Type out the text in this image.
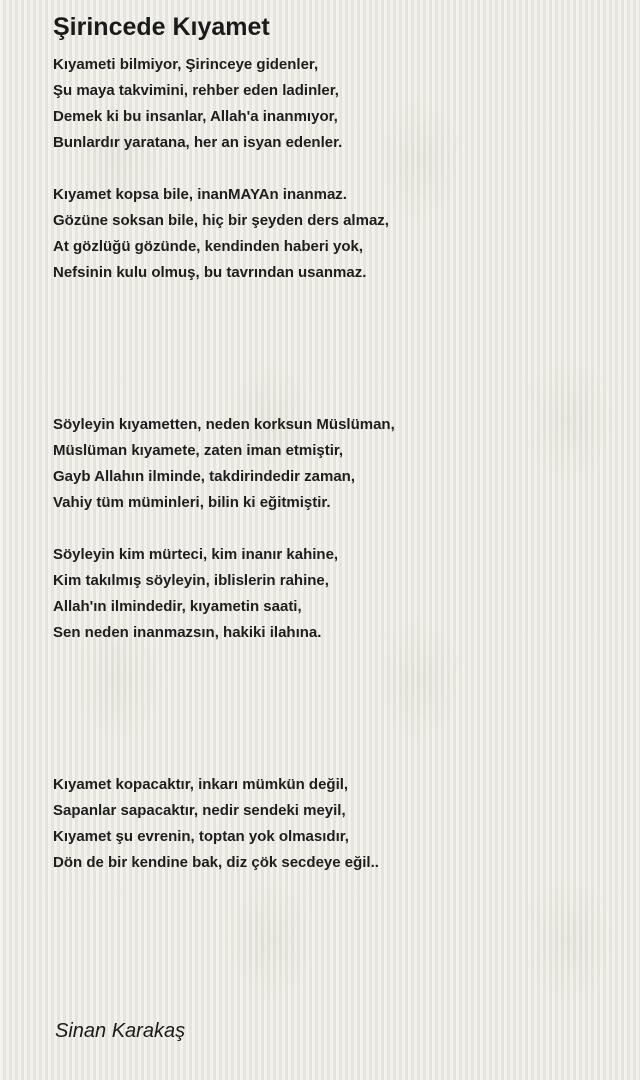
Şirincede Kıyamet
Kıyameti bilmiyor, Şirinceye gidenler,
Şu maya takvimini, rehber eden ladinler,
Demek ki bu insanlar, Allah'a inanmıyor,
Bunlardır yaratana, her an isyan edenler.
Kıyamet kopsa bile, inanMAYAn inanmaz.
Gözüne soksan bile, hiç bir şeyden ders almaz,
At gözlüğü gözünde, kendinden haberi yok,
Nefsinin kulu olmuş, bu tavrından usanmaz.
Söyleyin kıyametten, neden korksun Müslüman,
Müslüman kıyamete, zaten iman etmiştir,
Gayb Allahın ilminde, takdirindedir zaman,
Vahiy tüm müminleri, bilin ki eğitmiştir.
Söyleyin kim mürteci, kim inanır kahine,
Kim takılmış söyleyin, iblislerin rahine,
Allah'ın ilmindedir, kıyametin saati,
Sen neden inanmazsın, hakiki ilahına.
Kıyamet kopacaktır, inkarı mümkün değil,
Sapanlar sapacaktır, nedir sendeki meyil,
Kıyamet şu evrenin, toptan yok olmasıdır,
Dön de bir kendine bak, diz çök secdeye eğil..
Sinan Karakaş
